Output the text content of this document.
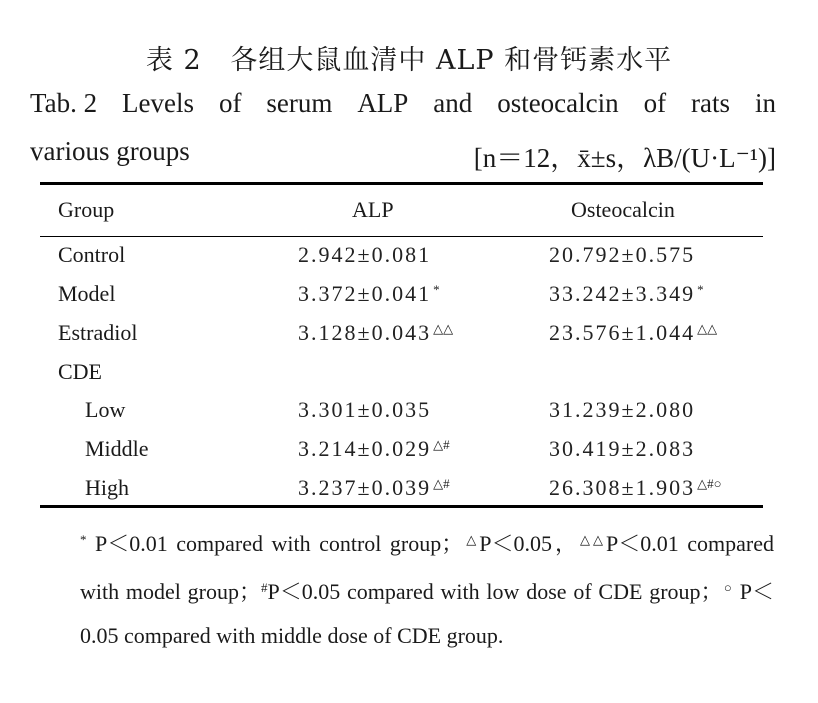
表 2   各组大鼠血清中 ALP 和骨钙素水平
Tab. 2 Levels of serum ALP and osteocalcin of rats in
various groups	[n＝12，x̄±s，λB/(U·L⁻¹)]
Group	ALP	Osteocalcin
Control	2.942±0.081	20.792±0.575
Model	3.372±0.041 *	33.242±3.349 *
Estradiol	3.128±0.043 △△	23.576±1.044 △△
CDE
Low	3.301±0.035	31.239±2.080
Middle	3.214±0.029 △#	30.419±2.083
High	3.237±0.039 △#	26.308±1.903 △#○
* P＜0.01 compared with control group；△P＜0.05，△△P＜0.01 compared with model group；#P＜0.05 compared with low dose of CDE group；○ P＜0.05 compared with middle dose of CDE group.
